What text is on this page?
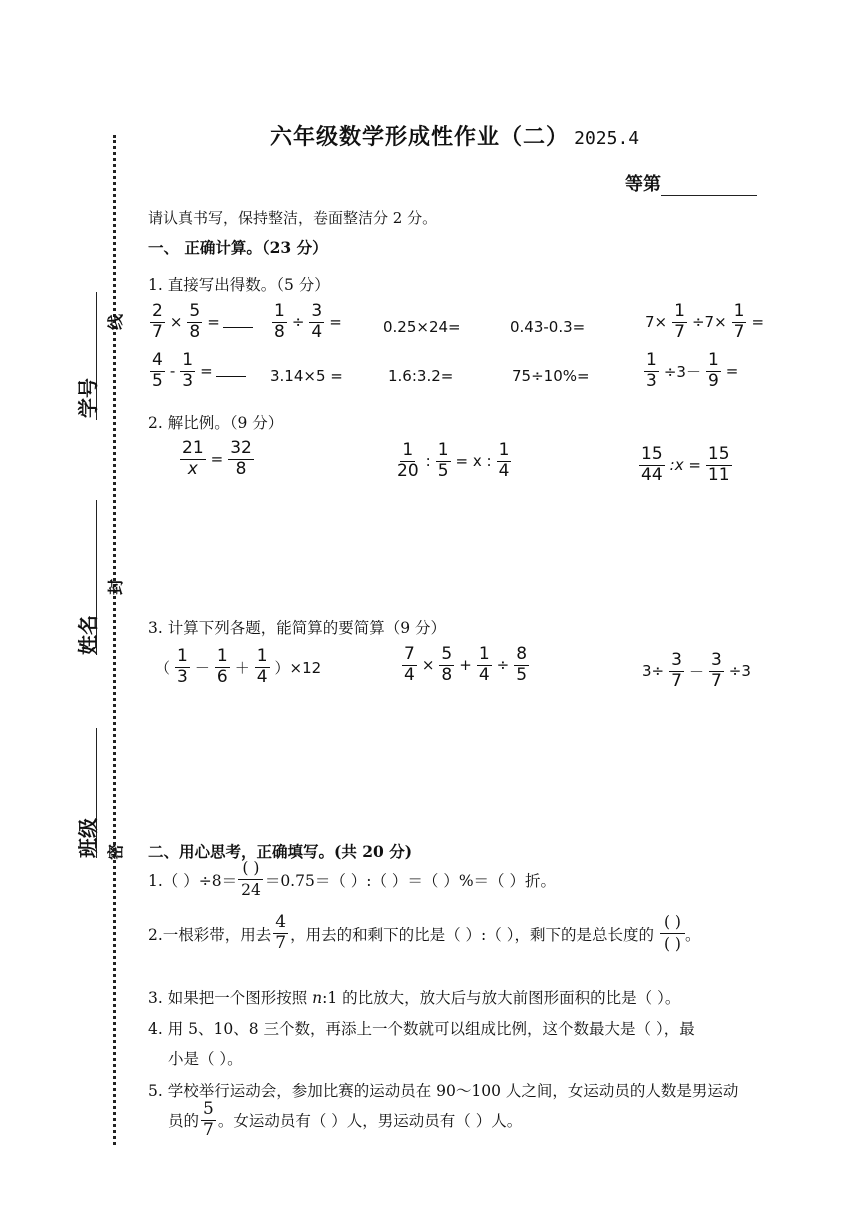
线
封
密
学号
姓名
班级
六年级数学形成性作业（二） 2025.4
等第
请认真书写，保持整洁，卷面整洁分 2 分。
一、 正确计算。（23 分）
1. 直接写出得数。（5 分）
$\frac{2}{7} \times \frac{5}{8}$ =	$\frac{1}{8} \div \frac{3}{4}$ =	0.25×24=	0.43-0.3=	$7\times \frac{1}{7} \div 7\times \frac{1}{7}$ =
$\frac{4}{5} - \frac{1}{3}$ =	3.14×5 =	1.6:3.2=	75÷10%=	$\frac{1}{3} \div 3- \frac{1}{9}$ =
2. 解比例。（9 分）
$\frac{21}{x} = \frac{32}{8}$	$\frac{1}{20}$ : $\frac{1}{5} = x$ : $\frac{1}{4}$	$\frac{15}{44}$ :x = $\frac{15}{11}$
3. 计算下列各题，能简算的要简算（9 分）
（ $\frac{1}{3} - \frac{1}{6} + \frac{1}{4} )\times 12$	$\frac{7}{4} \times \frac{5}{8} + \frac{1}{4} \div \frac{8}{5}$	$3\div \frac{3}{7} - \frac{3}{7} \div 3$
二、用心思考，正确填写。(共 20 分)
1.（ ）÷8＝
( )
24
＝0.75＝（ ）:（ ）＝（ ）%＝（ ）折。
2.一根彩带，用去 $\frac{4}{7}$ ，用去的和剩下的比是（ ）:（ ），剩下的是总长度的
( )
( )
。
3. 如果把一个图形按照 n:1 的比放大，放大后与放大前图形面积的比是（ ）。
4. 用 5、10、8 三个数，再添上一个数就可以组成比例，这个数最大是（ ），最
小是（ ）。
5. 学校举行运动会，参加比赛的运动员在 90～100 人之间，女运动员的人数是男运动
员的 $\frac{5}{7}$ 。女运动员有（ ）人，男运动员有（ ）人。
